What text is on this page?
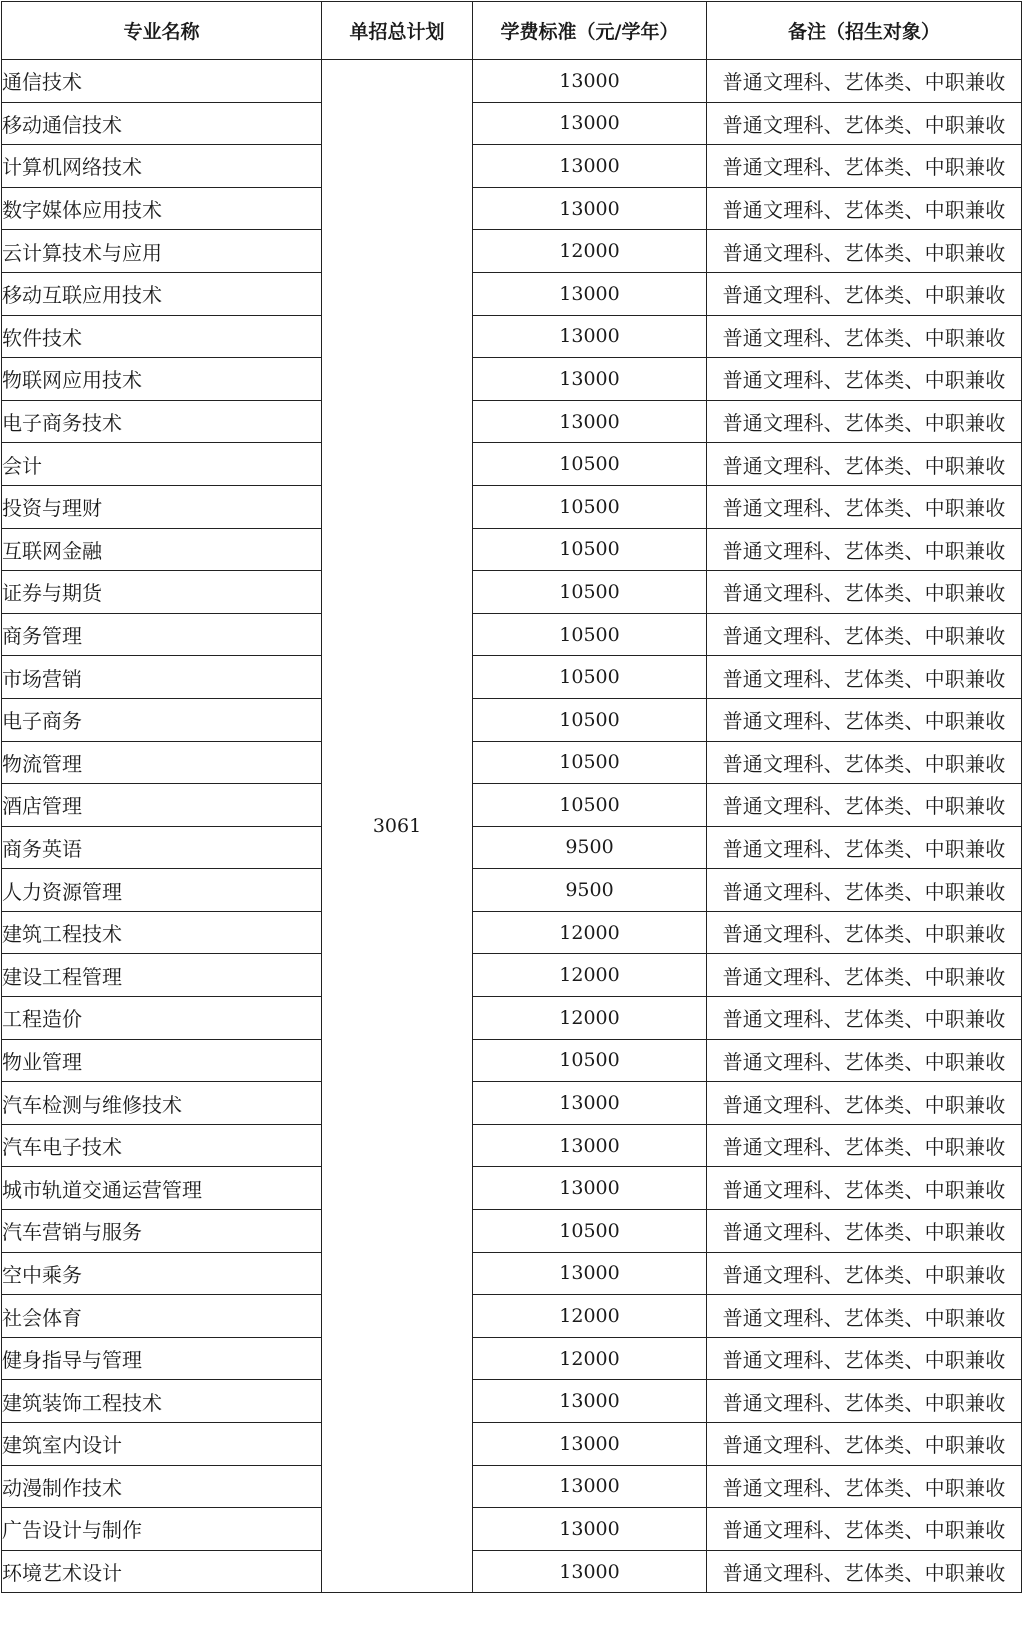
专业名称	单招总计划	学费标准（元/学年）	备注（招生对象）
通信技术	3061	13000	普通文理科、艺体类、中职兼收
移动通信技术		13000	普通文理科、艺体类、中职兼收
计算机网络技术		13000	普通文理科、艺体类、中职兼收
数字媒体应用技术		13000	普通文理科、艺体类、中职兼收
云计算技术与应用		12000	普通文理科、艺体类、中职兼收
移动互联应用技术		13000	普通文理科、艺体类、中职兼收
软件技术		13000	普通文理科、艺体类、中职兼收
物联网应用技术		13000	普通文理科、艺体类、中职兼收
电子商务技术		13000	普通文理科、艺体类、中职兼收
会计		10500	普通文理科、艺体类、中职兼收
投资与理财		10500	普通文理科、艺体类、中职兼收
互联网金融		10500	普通文理科、艺体类、中职兼收
证券与期货		10500	普通文理科、艺体类、中职兼收
商务管理		10500	普通文理科、艺体类、中职兼收
市场营销		10500	普通文理科、艺体类、中职兼收
电子商务		10500	普通文理科、艺体类、中职兼收
物流管理		10500	普通文理科、艺体类、中职兼收
酒店管理		10500	普通文理科、艺体类、中职兼收
商务英语		9500	普通文理科、艺体类、中职兼收
人力资源管理		9500	普通文理科、艺体类、中职兼收
建筑工程技术		12000	普通文理科、艺体类、中职兼收
建设工程管理		12000	普通文理科、艺体类、中职兼收
工程造价		12000	普通文理科、艺体类、中职兼收
物业管理		10500	普通文理科、艺体类、中职兼收
汽车检测与维修技术		13000	普通文理科、艺体类、中职兼收
汽车电子技术		13000	普通文理科、艺体类、中职兼收
城市轨道交通运营管理		13000	普通文理科、艺体类、中职兼收
汽车营销与服务		10500	普通文理科、艺体类、中职兼收
空中乘务		13000	普通文理科、艺体类、中职兼收
社会体育		12000	普通文理科、艺体类、中职兼收
健身指导与管理		12000	普通文理科、艺体类、中职兼收
建筑装饰工程技术		13000	普通文理科、艺体类、中职兼收
建筑室内设计		13000	普通文理科、艺体类、中职兼收
动漫制作技术		13000	普通文理科、艺体类、中职兼收
广告设计与制作		13000	普通文理科、艺体类、中职兼收
环境艺术设计		13000	普通文理科、艺体类、中职兼收
